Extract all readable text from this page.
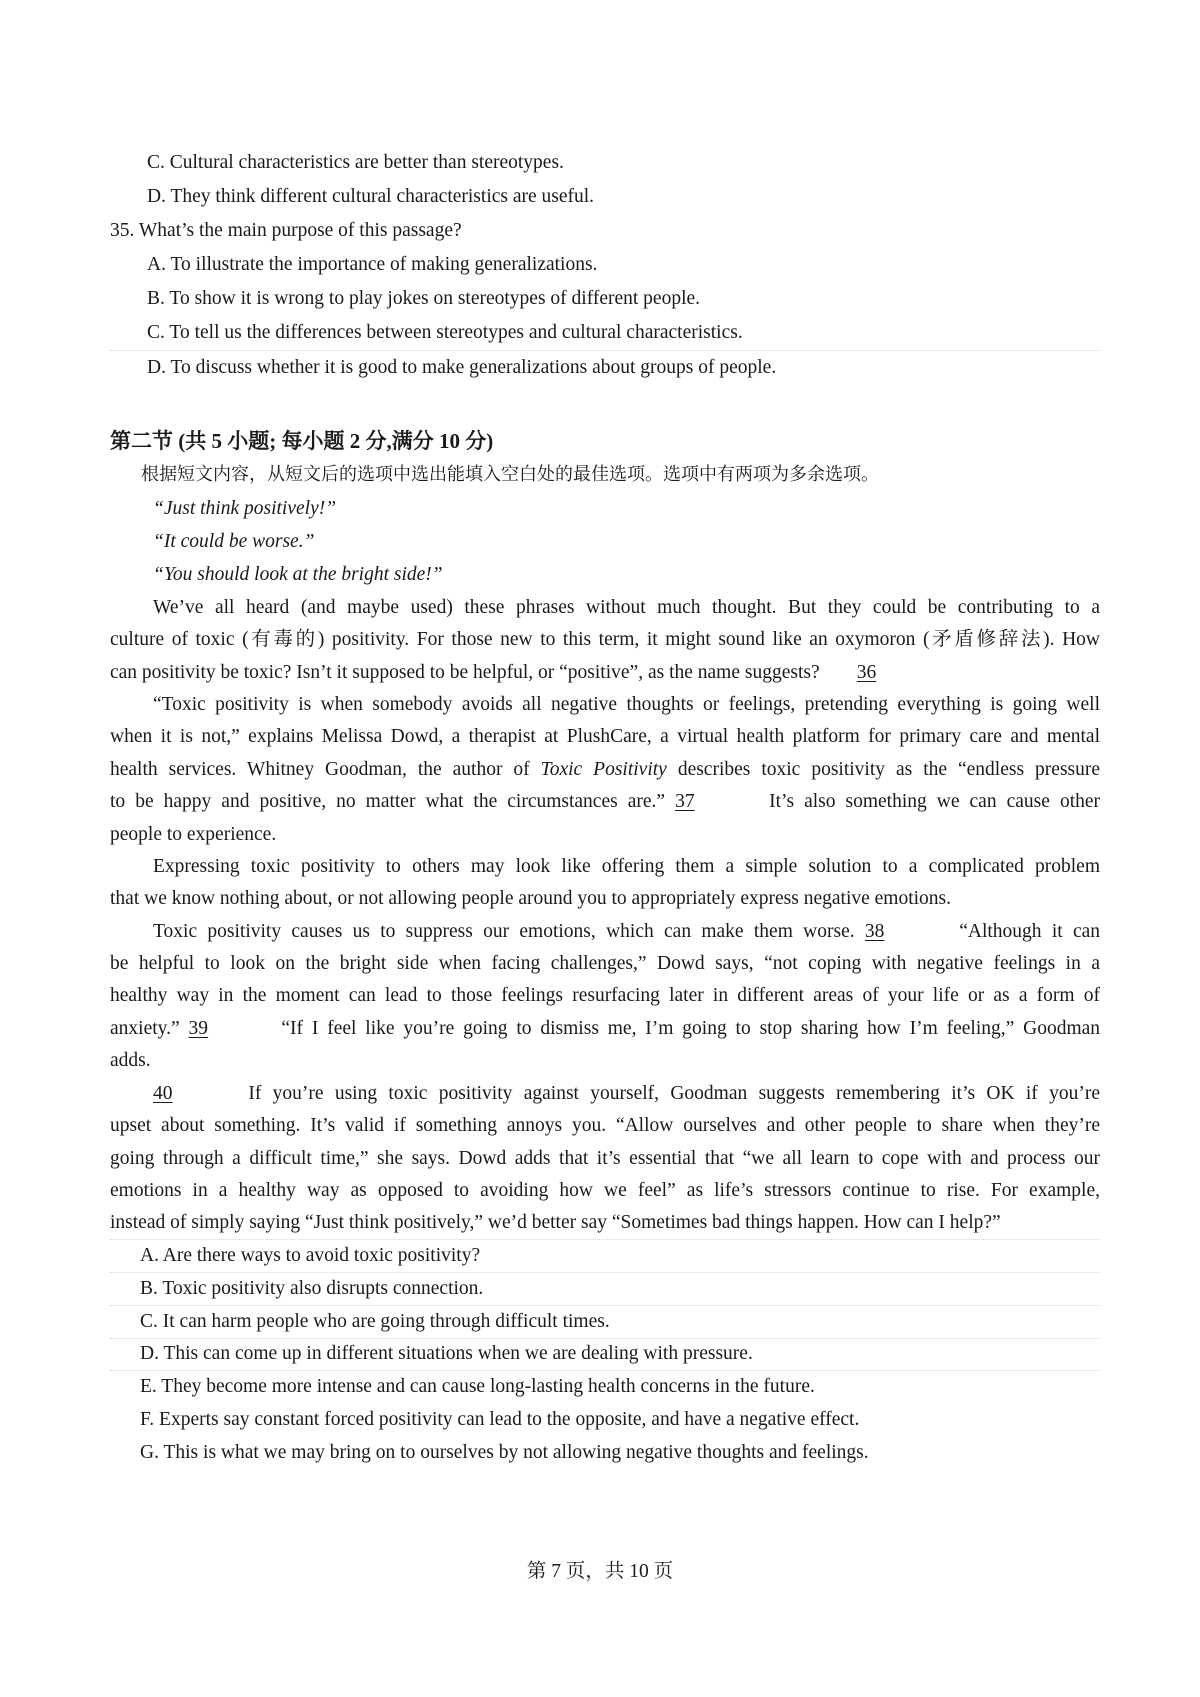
C. Cultural characteristics are better than stereotypes.
D. They think different cultural characteristics are useful.
35. What’s the main purpose of this passage?
A. To illustrate the importance of making generalizations.
B. To show it is wrong to play jokes on stereotypes of different people.
C. To tell us the differences between stereotypes and cultural characteristics.
D. To discuss whether it is good to make generalizations about groups of people.
第二节 (共 5 小题; 每小题 2 分,满分 10 分)
根据短文内容，从短文后的选项中选出能填入空白处的最佳选项。选项中有两项为多余选项。
“Just think positively!”
“It could be worse.”
“You should look at the bright side!”
We’ve all heard (and maybe used) these phrases without much thought. But they could be contributing to a
culture of toxic (有毒的) positivity. For those new to this term, it might sound like an oxymoron (矛盾修辞法). How
can positivity be toxic? Isn’t it supposed to be helpful, or “positive”, as the name suggests? 36
“Toxic positivity is when somebody avoids all negative thoughts or feelings, pretending everything is going well
when it is not,” explains Melissa Dowd, a therapist at PlushCare, a virtual health platform for primary care and mental
health services. Whitney Goodman, the author of Toxic Positivity describes toxic positivity as the “endless pressure
to be happy and positive, no matter what the circumstances are.” 37	It’s also something we can cause other
people to experience.
Expressing toxic positivity to others may look like offering them a simple solution to a complicated problem
that we know nothing about, or not allowing people around you to appropriately express negative emotions.
Toxic positivity causes us to suppress our emotions, which can make them worse. 38	“Although it can
be helpful to look on the bright side when facing challenges,” Dowd says, “not coping with negative feelings in a
healthy way in the moment can lead to those feelings resurfacing later in different areas of your life or as a form of
anxiety.” 39	“If I feel like you’re going to dismiss me, I’m going to stop sharing how I’m feeling,” Goodman
adds.
40	If you’re using toxic positivity against yourself, Goodman suggests remembering it’s OK if you’re
upset about something. It’s valid if something annoys you. “Allow ourselves and other people to share when they’re
going through a difficult time,” she says. Dowd adds that it’s essential that “we all learn to cope with and process our
emotions in a healthy way as opposed to avoiding how we feel” as life’s stressors continue to rise. For example,
instead of simply saying “Just think positively,” we’d better say “Sometimes bad things happen. How can I help?”
A. Are there ways to avoid toxic positivity?
B. Toxic positivity also disrupts connection.
C. It can harm people who are going through difficult times.
D. This can come up in different situations when we are dealing with pressure.
E. They become more intense and can cause long-lasting health concerns in the future.
F. Experts say constant forced positivity can lead to the opposite, and have a negative effect.
G. This is what we may bring on to ourselves by not allowing negative thoughts and feelings.
第 7 页，共 10 页
